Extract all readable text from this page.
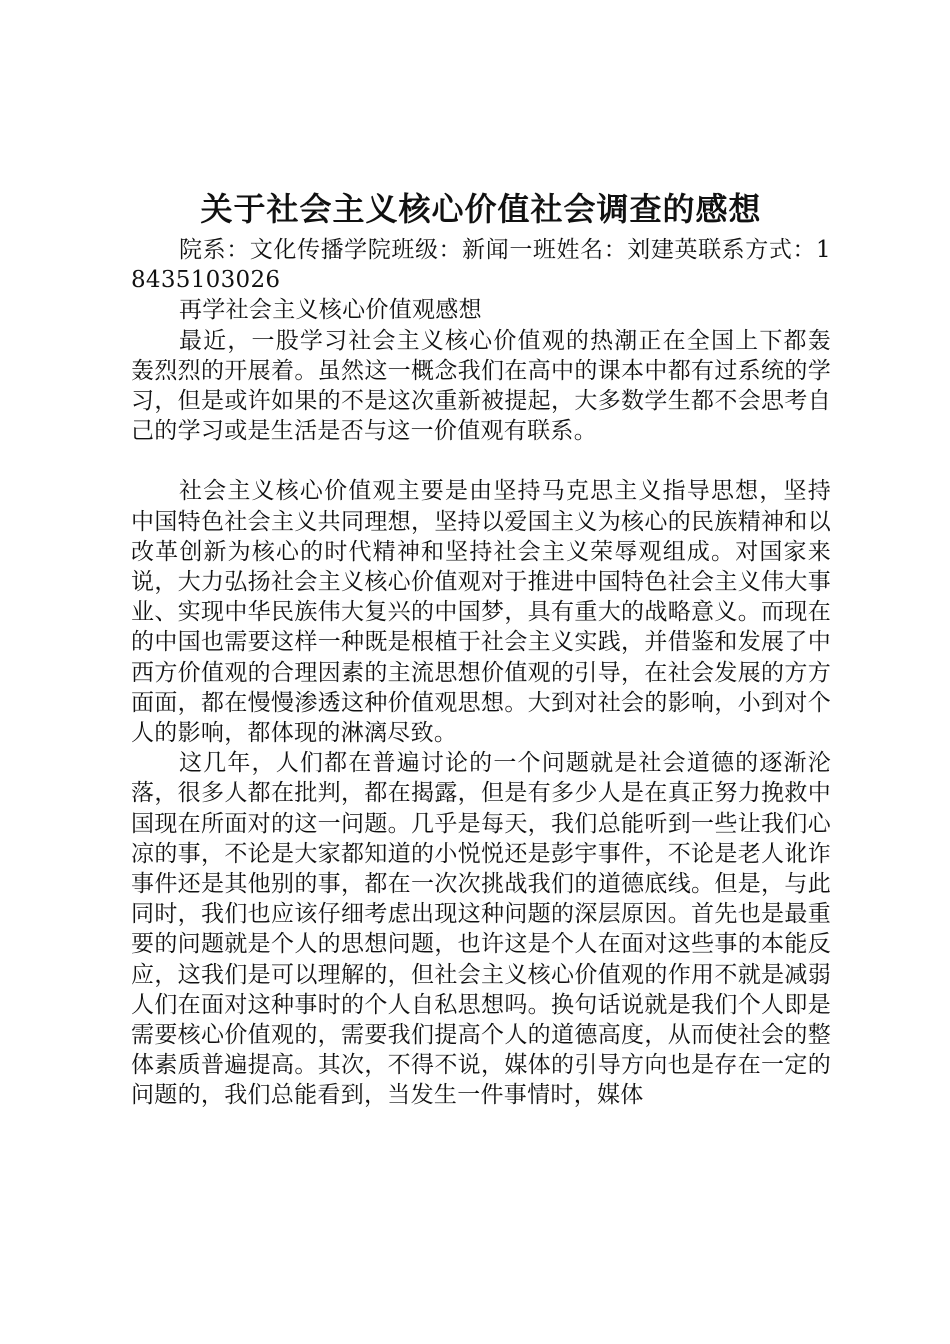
关于社会主义核心价值社会调查的感想

院系：文化传播学院班级：新闻一班姓名：刘建英联系方式：18435103026

再学社会主义核心价值观感想

最近，一股学习社会主义核心价值观的热潮正在全国上下都轰轰烈烈的开展着。虽然这一概念我们在高中的课本中都有过系统的学习，但是或许如果的不是这次重新被提起，大多数学生都不会思考自己的学习或是生活是否与这一价值观有联系。

社会主义核心价值观主要是由坚持马克思主义指导思想，坚持中国特色社会主义共同理想，坚持以爱国主义为核心的民族精神和以改革创新为核心的时代精神和坚持社会主义荣辱观组成。对国家来说，大力弘扬社会主义核心价值观对于推进中国特色社会主义伟大事业、实现中华民族伟大复兴的中国梦，具有重大的战略意义。而现在的中国也需要这样一种既是根植于社会主义实践，并借鉴和发展了中西方价值观的合理因素的主流思想价值观的引导，在社会发展的方方面面，都在慢慢渗透这种价值观思想。大到对社会的影响，小到对个人的影响，都体现的淋漓尽致。

这几年，人们都在普遍讨论的一个问题就是社会道德的逐渐沦落，很多人都在批判，都在揭露，但是有多少人是在真正努力挽救中国现在所面对的这一问题。几乎是每天，我们总能听到一些让我们心凉的事，不论是大家都知道的小悦悦还是彭宇事件，不论是老人讹诈事件还是其他别的事，都在一次次挑战我们的道德底线。但是，与此同时，我们也应该仔细考虑出现这种问题的深层原因。首先也是最重要的问题就是个人的思想问题，也许这是个人在面对这些事的本能反应，这我们是可以理解的，但社会主义核心价值观的作用不就是减弱人们在面对这种事时的个人自私思想吗。换句话说就是我们个人即是需要核心价值观的，需要我们提高个人的道德高度，从而使社会的整体素质普遍提高。其次，不得不说，媒体的引导方向也是存在一定的问题的，我们总能看到，当发生一件事情时，媒体
